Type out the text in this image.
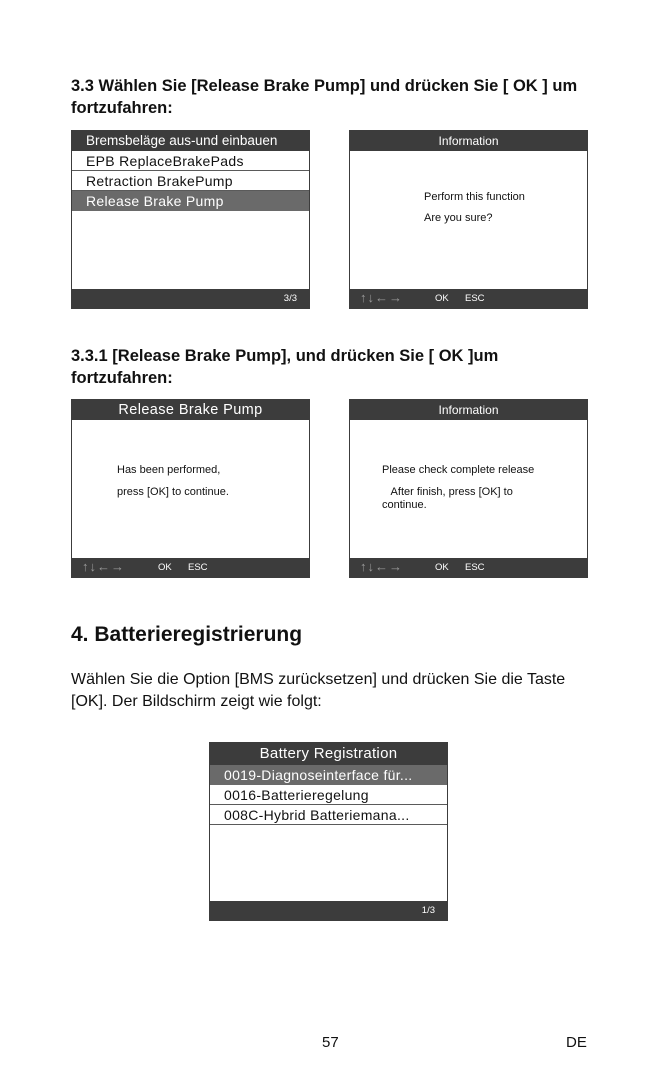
3.3 Wählen Sie [Release Brake Pump] und drücken Sie [ OK ] um fortzufahren:

Bremsbeläge aus-und einbauen
EPB ReplaceBrakePads
Retraction BrakePump
Release Brake Pump
3/3
Information
Perform this function
Are you sure?
↑↓←→	OK ESC

3.3.1 [Release Brake Pump], und drücken Sie [ OK ]um fortzufahren:

Release Brake Pump
Has been performed,
press [OK] to continue.
↑↓←→	OK ESC
Information
Please check complete release
After finish, press [OK] to
continue.
↑↓←→	OK ESC

4. Batterieregistrierung

Wählen Sie die Option [BMS zurücksetzen] und drücken Sie die Taste [OK]. Der Bildschirm zeigt wie folgt:

Battery Registration
0019-Diagnoseinterface für...
0016-Batterieregelung
008C-Hybrid Batteriemana...
1/3
57	DE
